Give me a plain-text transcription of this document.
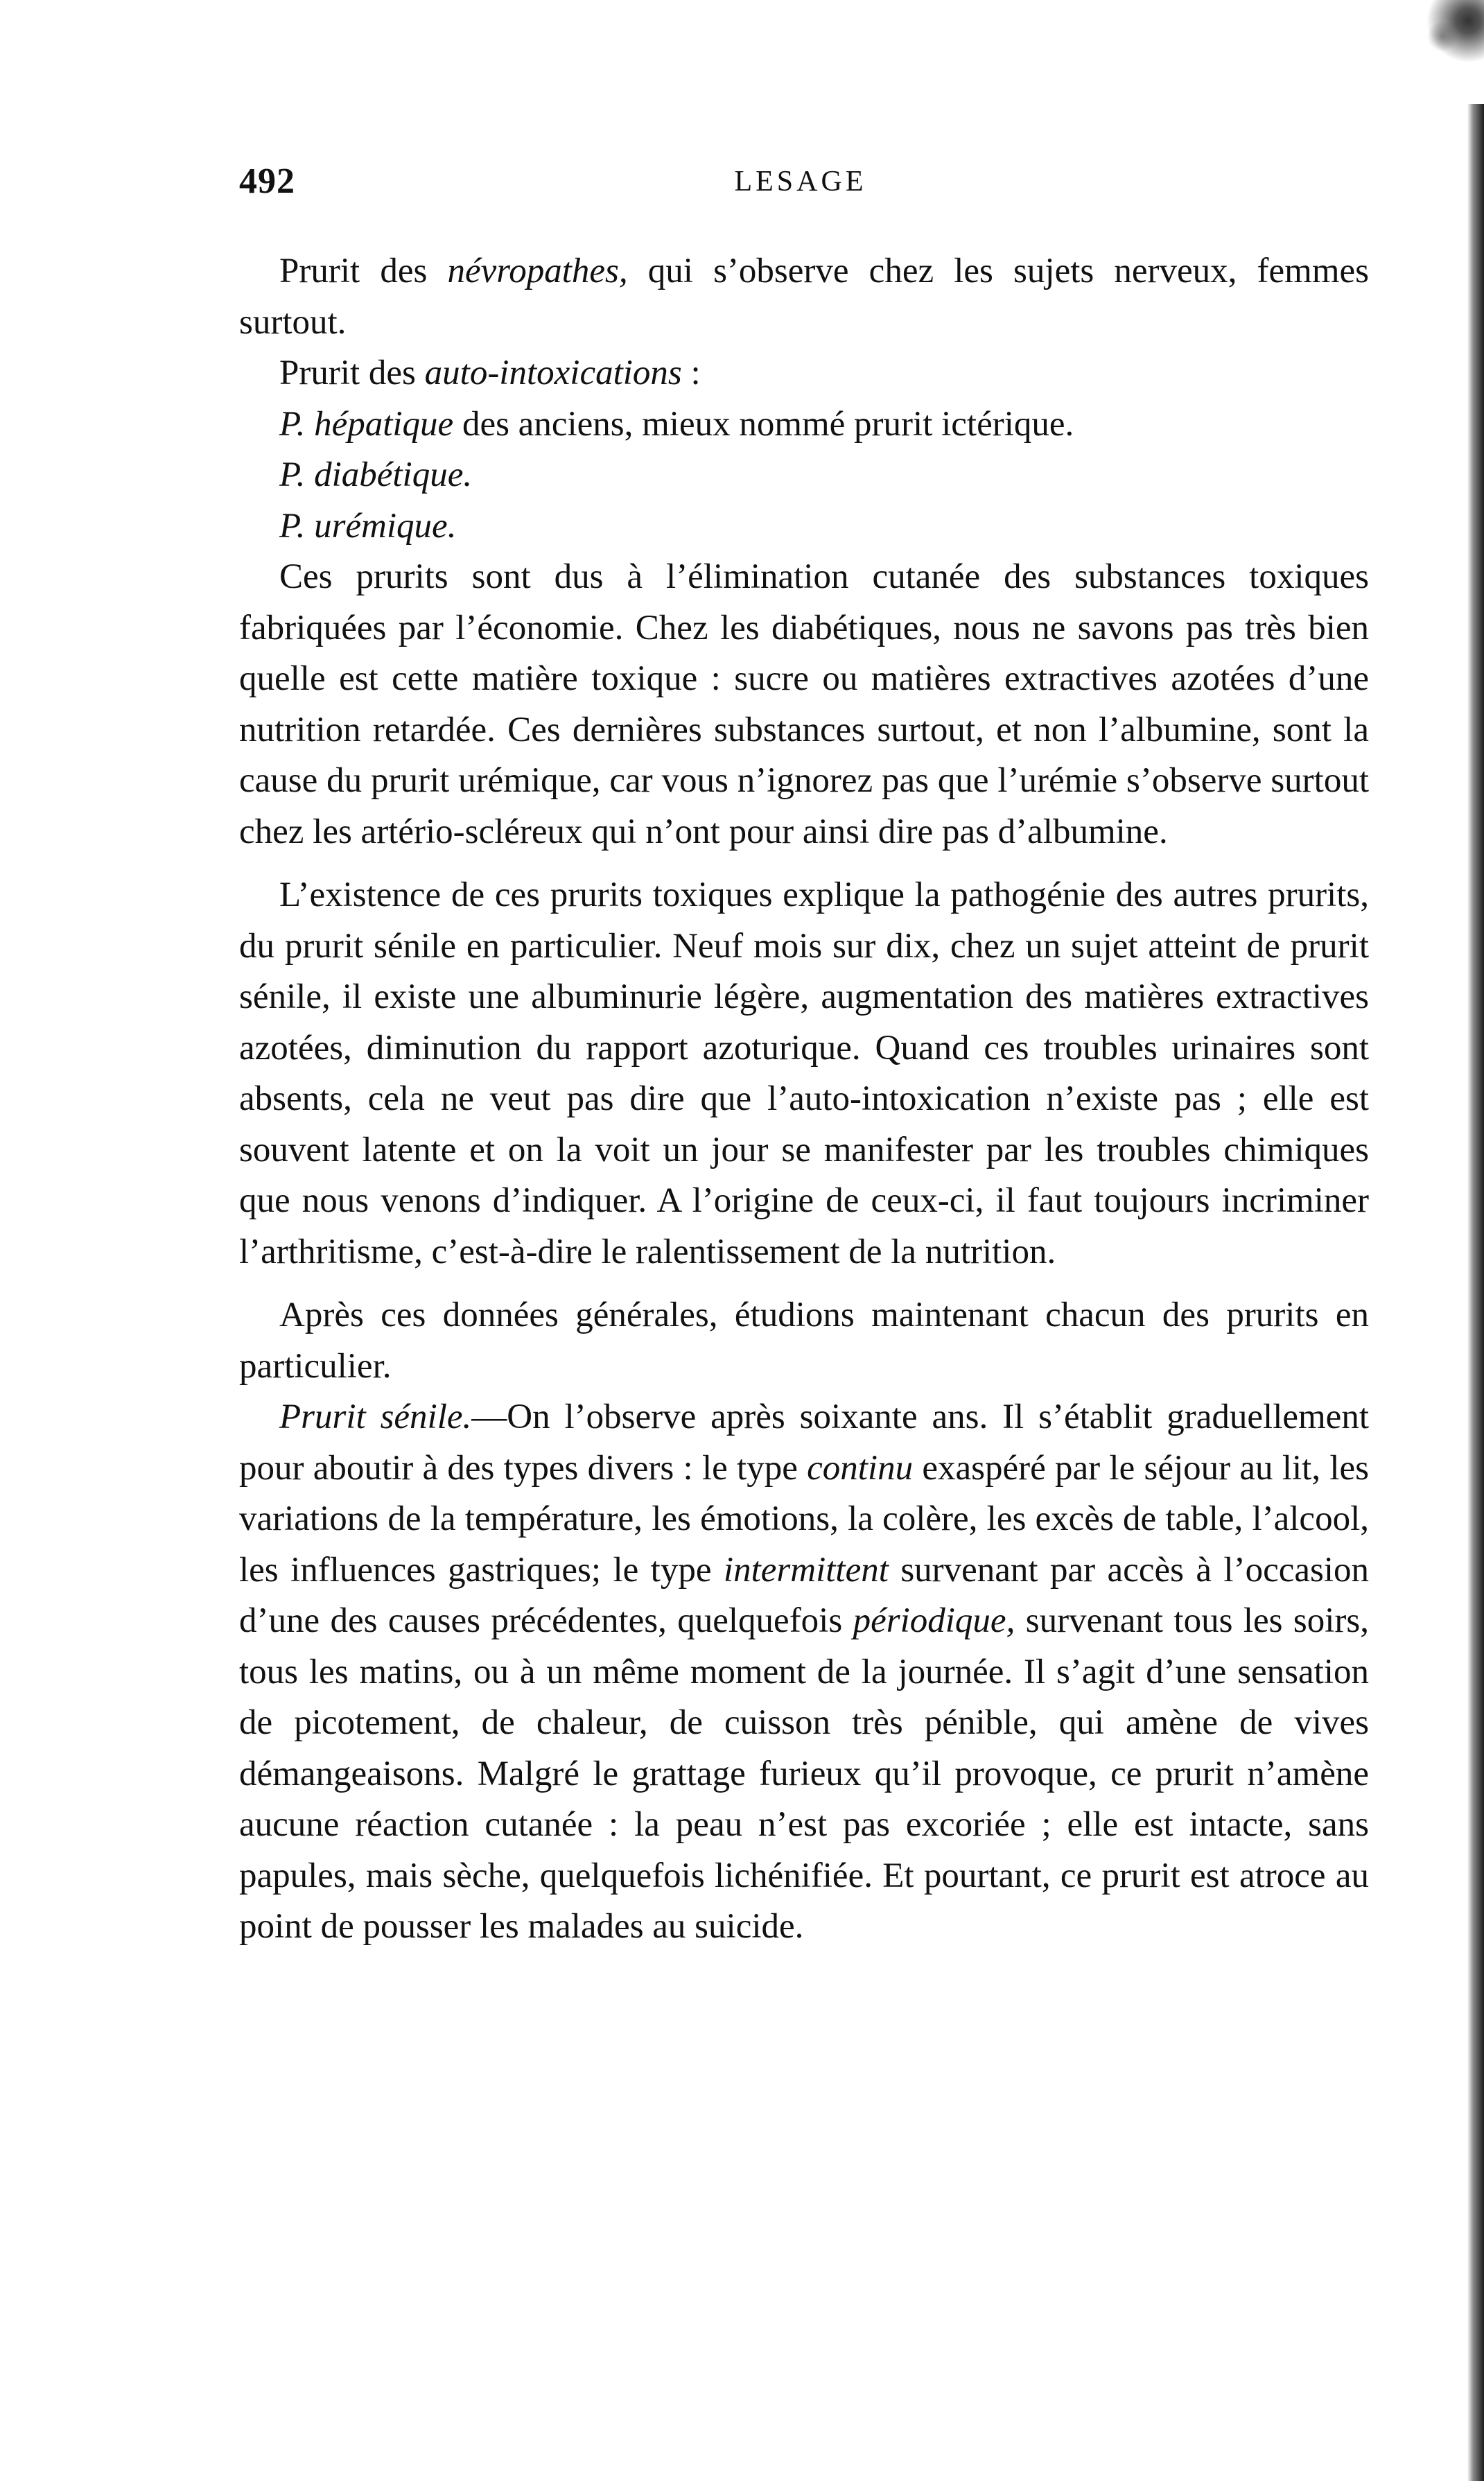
492	LESAGE

Prurit des névropathes, qui s’observe chez les sujets nerveux, femmes surtout.

Prurit des auto-intoxications :

P. hépatique des anciens, mieux nommé prurit ictérique.

P. diabétique.

P. urémique.

Ces prurits sont dus à l’élimination cutanée des substances toxiques fabriquées par l’économie. Chez les diabétiques, nous ne savons pas très bien quelle est cette matière toxique : sucre ou matières extractives azotées d’une nutrition retardée. Ces dernières substances surtout, et non l’albumine, sont la cause du prurit urémique, car vous n’ignorez pas que l’urémie s’observe surtout chez les artério-scléreux qui n’ont pour ainsi dire pas d’albumine.

L’existence de ces prurits toxiques explique la pathogénie des autres prurits, du prurit sénile en particulier. Neuf mois sur dix, chez un sujet atteint de prurit sénile, il existe une albuminurie légère, augmentation des matières extractives azotées, diminution du rapport azoturique. Quand ces troubles urinaires sont absents, cela ne veut pas dire que l’auto-intoxication n’existe pas ; elle est souvent latente et on la voit un jour se manifester par les troubles chimiques que nous venons d’indiquer. A l’origine de ceux-ci, il faut toujours incriminer l’arthritisme, c’est-à-dire le ralentissement de la nutrition.

Après ces données générales, étudions maintenant chacun des prurits en particulier.

Prurit sénile.—On l’observe après soixante ans. Il s’établit graduellement pour aboutir à des types divers : le type continu exaspéré par le séjour au lit, les variations de la température, les émotions, la colère, les excès de table, l’alcool, les influences gastriques; le type intermittent survenant par accès à l’occasion d’une des causes précédentes, quelquefois périodique, survenant tous les soirs, tous les matins, ou à un même moment de la journée. Il s’agit d’une sensation de picotement, de chaleur, de cuisson très pénible, qui amène de vives démangeaisons. Malgré le grattage furieux qu’il provoque, ce prurit n’amène aucune réaction cutanée : la peau n’est pas excoriée ; elle est intacte, sans papules, mais sèche, quelquefois lichénifiée. Et pourtant, ce prurit est atroce au point de pousser les malades au suicide.
